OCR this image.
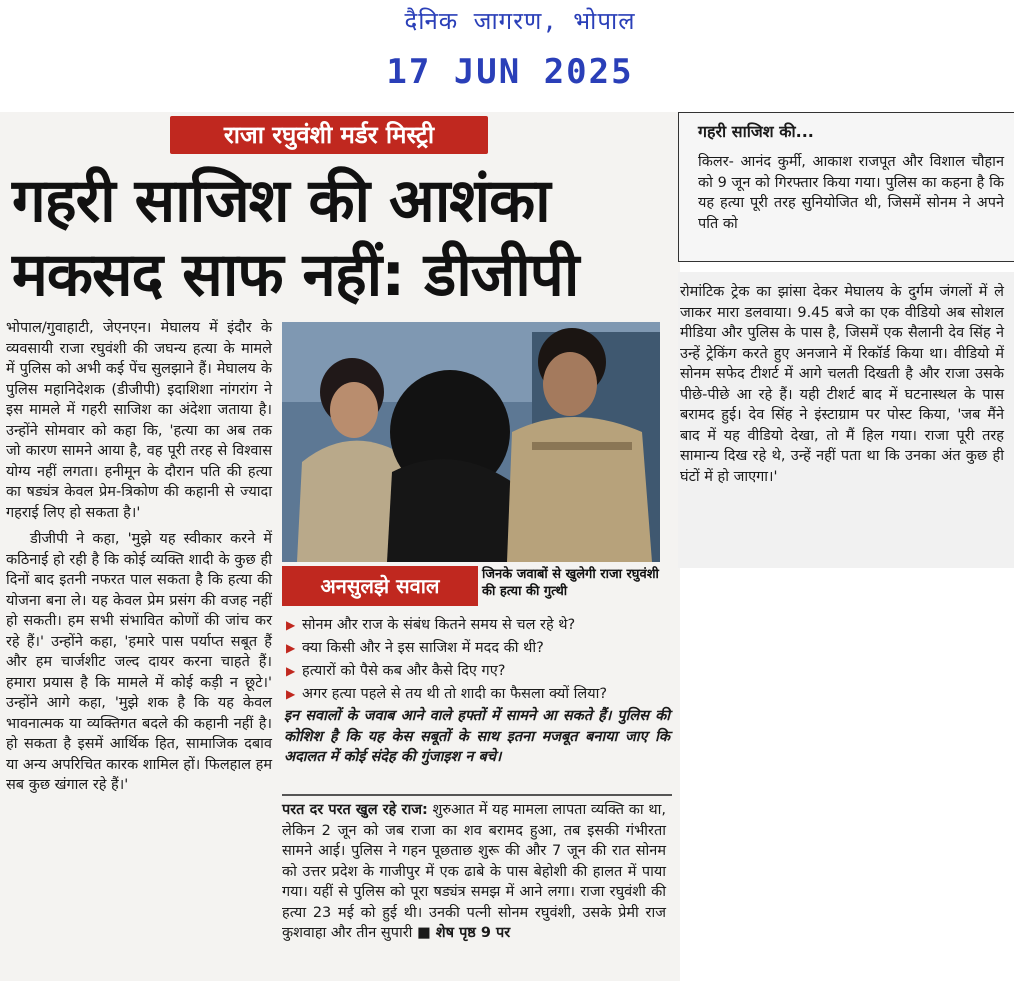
दैनिक जागरण, भोपाल
17 JUN 2025
राजा रघुवंशी मर्डर मिस्ट्री
गहरी साजिश की आशंका
मकसद साफ नहीं: डीजीपी

भोपाल/गुवाहाटी, जेएनएन। मेघालय में इंदौर के व्यवसायी राजा रघुवंशी की जघन्य हत्या के मामले में पुलिस को अभी कई पेंच सुलझाने हैं। मेघालय के पुलिस महानिदेशक (डीजीपी) इदाशिशा नांगरांग ने इस मामले में गहरी साजिश का अंदेशा जताया है। उन्होंने सोमवार को कहा कि, 'हत्या का अब तक जो कारण सामने आया है, वह पूरी तरह से विश्वास योग्य नहीं लगता। हनीमून के दौरान पति की हत्या का षड्यंत्र केवल प्रेम-त्रिकोण की कहानी से ज्यादा गहराई लिए हो सकता है।'

डीजीपी ने कहा, 'मुझे यह स्वीकार करने में कठिनाई हो रही है कि कोई व्यक्ति शादी के कुछ ही दिनों बाद इतनी नफरत पाल सकता है कि हत्या की योजना बना ले। यह केवल प्रेम प्रसंग की वजह नहीं हो सकती। हम सभी संभावित कोणों की जांच कर रहे हैं।' उन्होंने कहा, 'हमारे पास पर्याप्त सबूत हैं और हम चार्जशीट जल्द दायर करना चाहते हैं। हमारा प्रयास है कि मामले में कोई कड़ी न छूटे।' उन्होंने आगे कहा, 'मुझे शक है कि यह केवल भावनात्मक या व्यक्तिगत बदले की कहानी नहीं है। हो सकता है इसमें आर्थिक हित, सामाजिक दबाव या अन्य अपरिचित कारक शामिल हों। फिलहाल हम सब कुछ खंगाल रहे हैं।'

अनसुलझे सवाल	जिनके जवाबों से खुलेगी राजा रघुवंशी की हत्या की गुत्थी
▶ सोनम और राज के संबंध कितने समय से चल रहे थे?
▶ क्या किसी और ने इस साजिश में मदद की थी?
▶ हत्यारों को पैसे कब और कैसे दिए गए?
▶ अगर हत्या पहले से तय थी तो शादी का फैसला क्यों लिया?
इन सवालों के जवाब आने वाले हफ्तों में सामने आ सकते हैं। पुलिस की कोशिश है कि यह केस सबूतों के साथ इतना मजबूत बनाया जाए कि अदालत में कोई संदेह की गुंजाइश न बचे।
परत दर परत खुल रहे राज: शुरुआत में यह मामला लापता व्यक्ति का था, लेकिन 2 जून को जब राजा का शव बरामद हुआ, तब इसकी गंभीरता सामने आई। पुलिस ने गहन पूछताछ शुरू की और 7 जून की रात सोनम को उत्तर प्रदेश के गाजीपुर में एक ढाबे के पास बेहोशी की हालत में पाया गया। यहीं से पुलिस को पूरा षड्यंत्र समझ में आने लगा। राजा रघुवंशी की हत्या 23 मई को हुई थी। उनकी पत्नी सोनम रघुवंशी, उसके प्रेमी राज कुशवाहा और तीन सुपारी ■ शेष पृष्ठ 9 पर
गहरी साजिश की...
किलर- आनंद कुर्मी, आकाश राजपूत और विशाल चौहान को 9 जून को गिरफ्तार किया गया। पुलिस का कहना है कि यह हत्या पूरी तरह सुनियोजित थी, जिसमें सोनम ने अपने पति को
रोमांटिक ट्रेक का झांसा देकर मेघालय के दुर्गम जंगलों में ले जाकर मारा डलवाया। 9.45 बजे का एक वीडियो अब सोशल मीडिया और पुलिस के पास है, जिसमें एक सैलानी देव सिंह ने उन्हें ट्रेकिंग करते हुए अनजाने में रिकॉर्ड किया था। वीडियो में सोनम सफेद टीशर्ट में आगे चलती दिखती है और राजा उसके पीछे-पीछे आ रहे हैं। यही टीशर्ट बाद में घटनास्थल के पास बरामद हुई। देव सिंह ने इंस्टाग्राम पर पोस्ट किया, 'जब मैंने बाद में यह वीडियो देखा, तो मैं हिल गया। राजा पूरी तरह सामान्य दिख रहे थे, उन्हें नहीं पता था कि उनका अंत कुछ ही घंटों में हो जाएगा।'
